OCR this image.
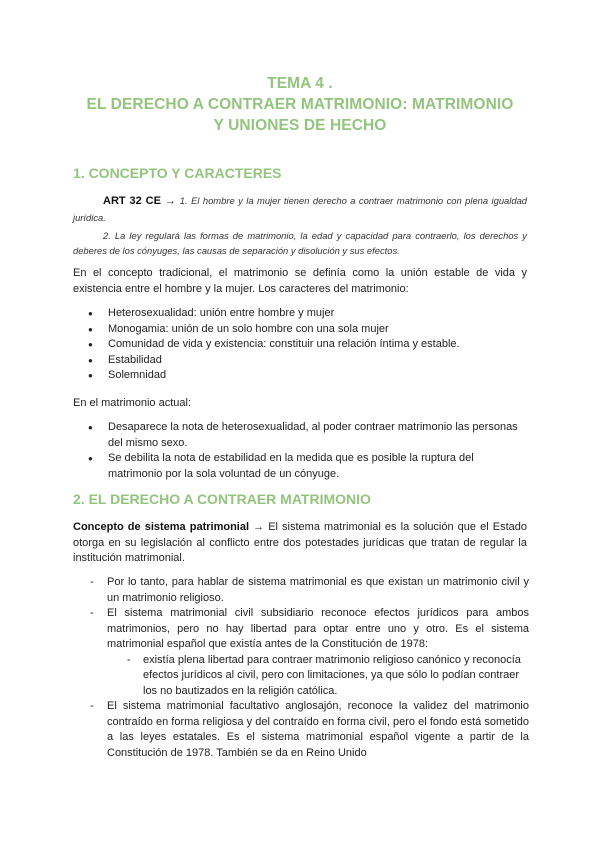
TEMA 4 .
EL DERECHO A CONTRAER MATRIMONIO: MATRIMONIO
Y UNIONES DE HECHO
1. CONCEPTO Y CARACTERES
ART 32 CE → 1. El hombre y la mujer tienen derecho a contraer matrimonio con plena igualdad jurídica.
2. La ley regulará las formas de matrimonio, la edad y capacidad para contraerlo, los derechos y deberes de los cónyuges, las causas de separación y disolución y sus efectos.
En el concepto tradicional, el matrimonio se definía como la unión estable de vida y existencia entre el hombre y la mujer. Los caracteres del matrimonio:
● Heterosexualidad: unión entre hombre y mujer
● Monogamia: unión de un solo hombre con una sola mujer
● Comunidad de vida y existencia: constituir una relación íntima y estable.
● Estabilidad
● Solemnidad
En el matrimonio actual:
● Desaparece la nota de heterosexualidad, al poder contraer matrimonio las personas del mismo sexo.
● Se debilita la nota de estabilidad en la medida que es posible la ruptura del matrimonio por la sola voluntad de un cónyuge.
2. EL DERECHO A CONTRAER MATRIMONIO
Concepto de sistema patrimonial → El sistema matrimonial es la solución que el Estado otorga en su legislación al conflicto entre dos potestades jurídicas que tratan de regular la institución matrimonial.
- Por lo tanto, para hablar de sistema matrimonial es que existan un matrimonio civil y un matrimonio religioso.
- El sistema matrimonial civil subsidiario reconoce efectos jurídicos para ambos matrimonios, pero no hay libertad para optar entre uno y otro. Es el sistema matrimonial español que existía antes de la Constitución de 1978:
- existía plena libertad para contraer matrimonio religioso canónico y reconocía efectos jurídicos al civil, pero con limitaciones, ya que sólo lo podían contraer los no bautizados en la religión católica.
- El sistema matrimonial facultativo anglosajón, reconoce la validez del matrimonio contraído en forma religiosa y del contraído en forma civil, pero el fondo está sometido a las leyes estatales. Es el sistema matrimonial español vigente a partir de la Constitución de 1978. También se da en Reino Unido
